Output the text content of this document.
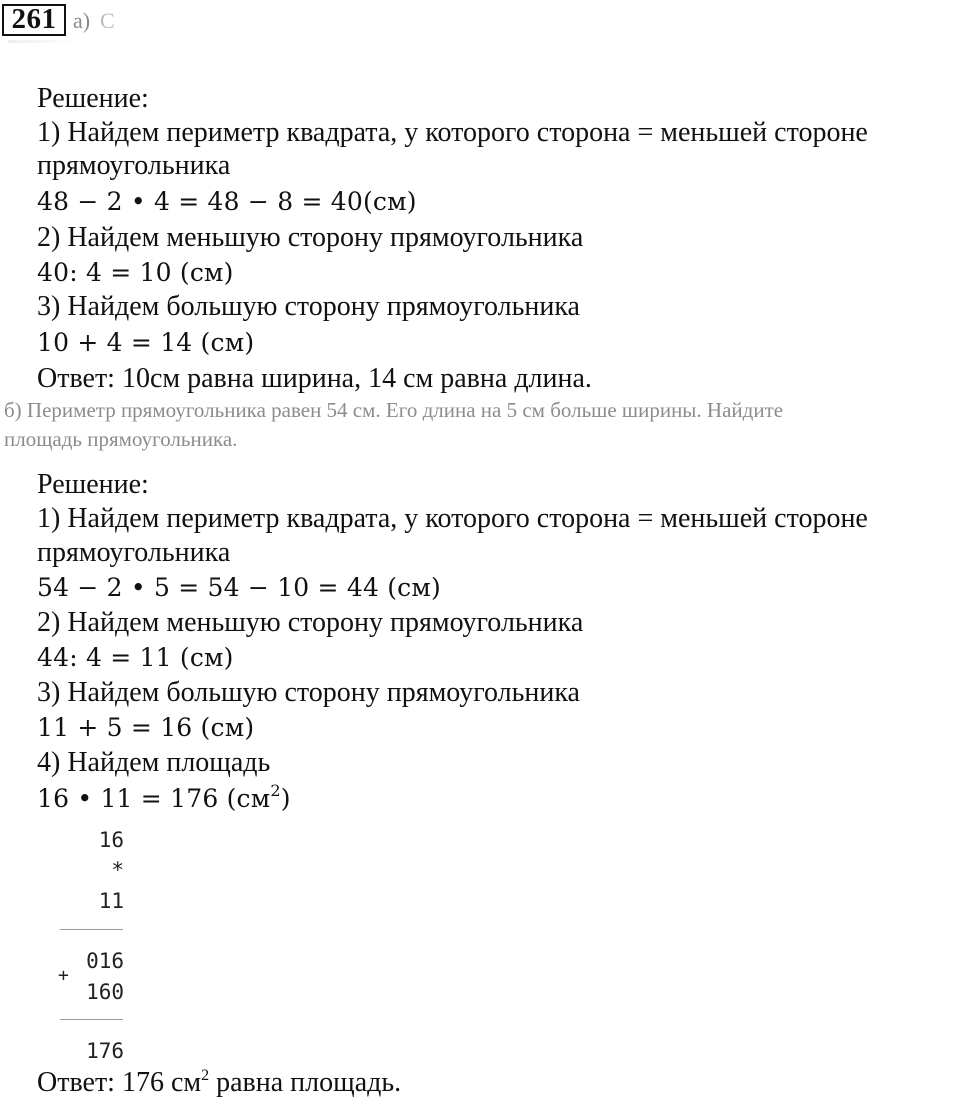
261 а) С
Решение:
1) Найдем периметр квадрата, у которого сторона = меньшей стороне
прямоугольника
48 − 2 • 4 = 48 − 8 = 40(см)
2) Найдем меньшую сторону прямоугольника
40: 4 = 10 (см)
3) Найдем большую сторону прямоугольника
10 + 4 = 14 (см)
Ответ: 10см равна ширина, 14 см равна длина.
б) Периметр прямоугольника равен 54 см. Его длина на 5 см больше ширины. Найдите
площадь прямоугольника.
Решение:
1) Найдем периметр квадрата, у которого сторона = меньшей стороне
прямоугольника
54 − 2 • 5 = 54 − 10 = 44 (см)
2) Найдем меньшую сторону прямоугольника
44: 4 = 11 (см)
3) Найдем большую сторону прямоугольника
11 + 5 = 16 (см)
4) Найдем площадь
16 • 11 = 176 $(см^2)$
16
*
11
016
+
160
176
Ответ: 176 $см^2$ равна площадь.
